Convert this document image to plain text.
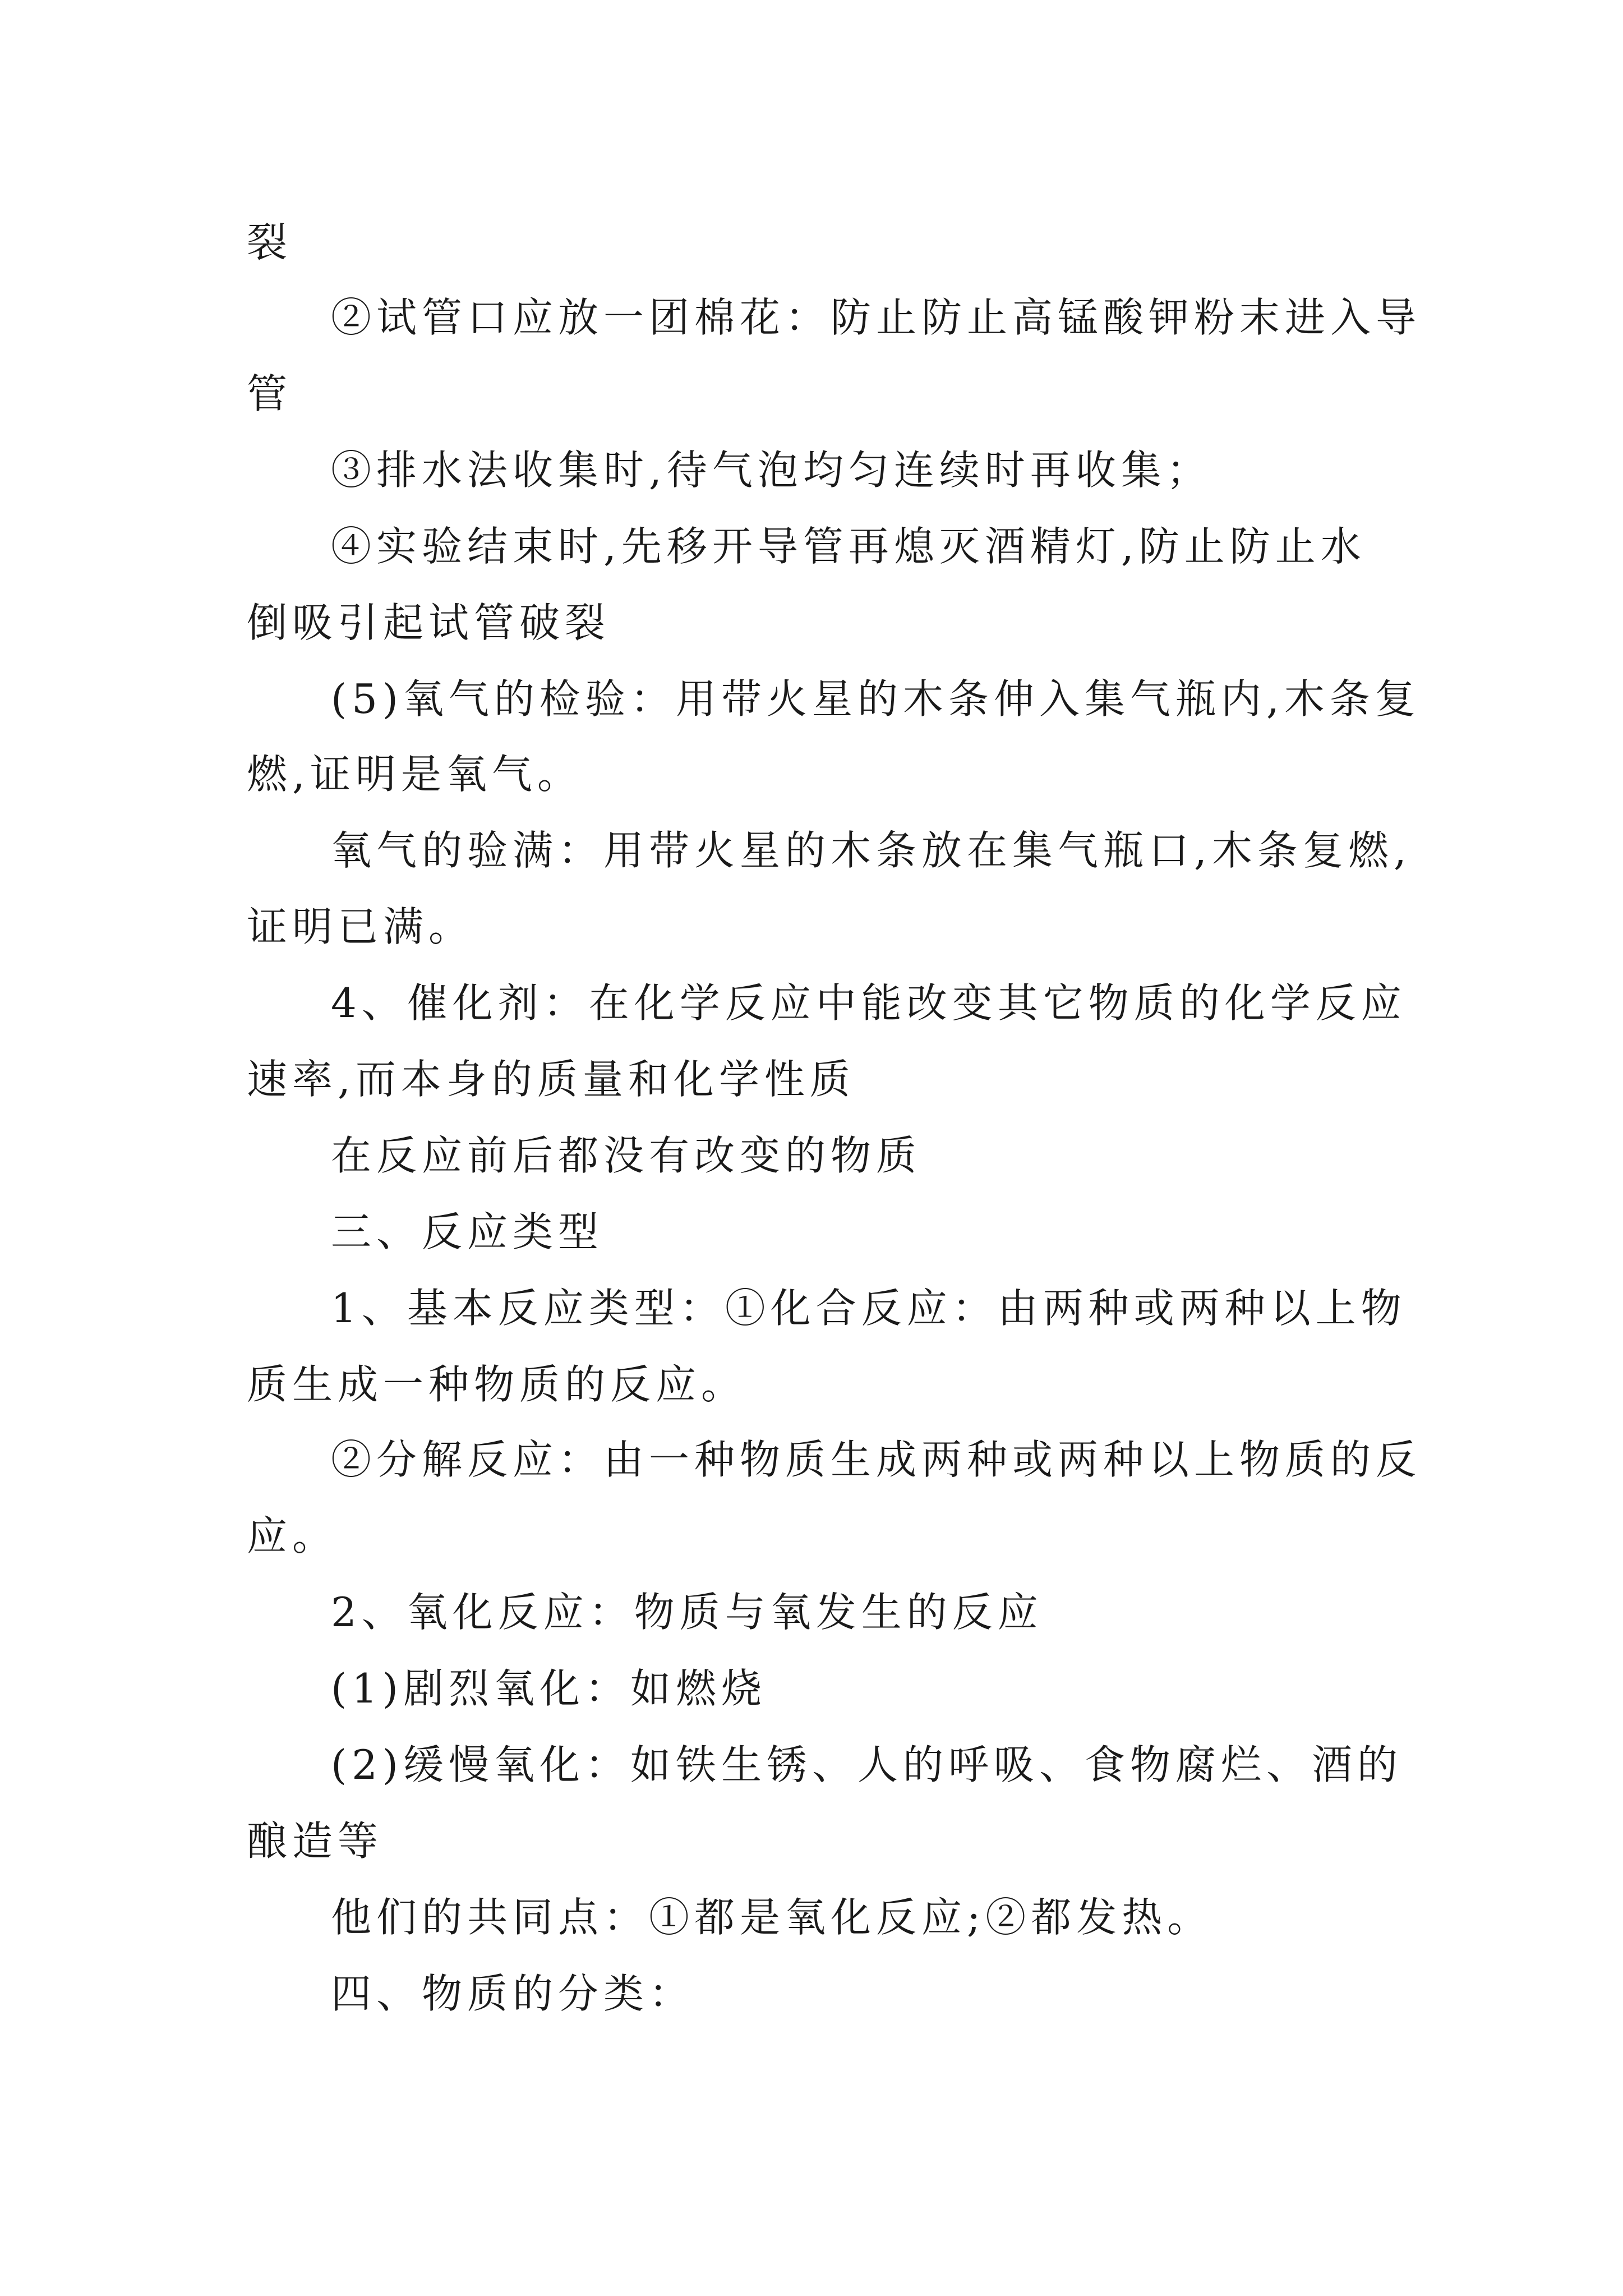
裂
②试管口应放一团棉花：防止防止高锰酸钾粉末进入导
管
③排水法收集时,待气泡均匀连续时再收集；
④实验结束时,先移开导管再熄灭酒精灯,防止防止水
倒吸引起试管破裂
(5)氧气的检验：用带火星的木条伸入集气瓶内,木条复
燃,证明是氧气。
氧气的验满：用带火星的木条放在集气瓶口,木条复燃,
证明已满。
4、催化剂：在化学反应中能改变其它物质的化学反应
速率,而本身的质量和化学性质
在反应前后都没有改变的物质
三、反应类型
1、基本反应类型：①化合反应：由两种或两种以上物
质生成一种物质的反应。
②分解反应：由一种物质生成两种或两种以上物质的反
应。
2、氧化反应：物质与氧发生的反应
(1)剧烈氧化：如燃烧
(2)缓慢氧化：如铁生锈、人的呼吸、食物腐烂、酒的
酿造等
他们的共同点：①都是氧化反应;②都发热。
四、物质的分类：
